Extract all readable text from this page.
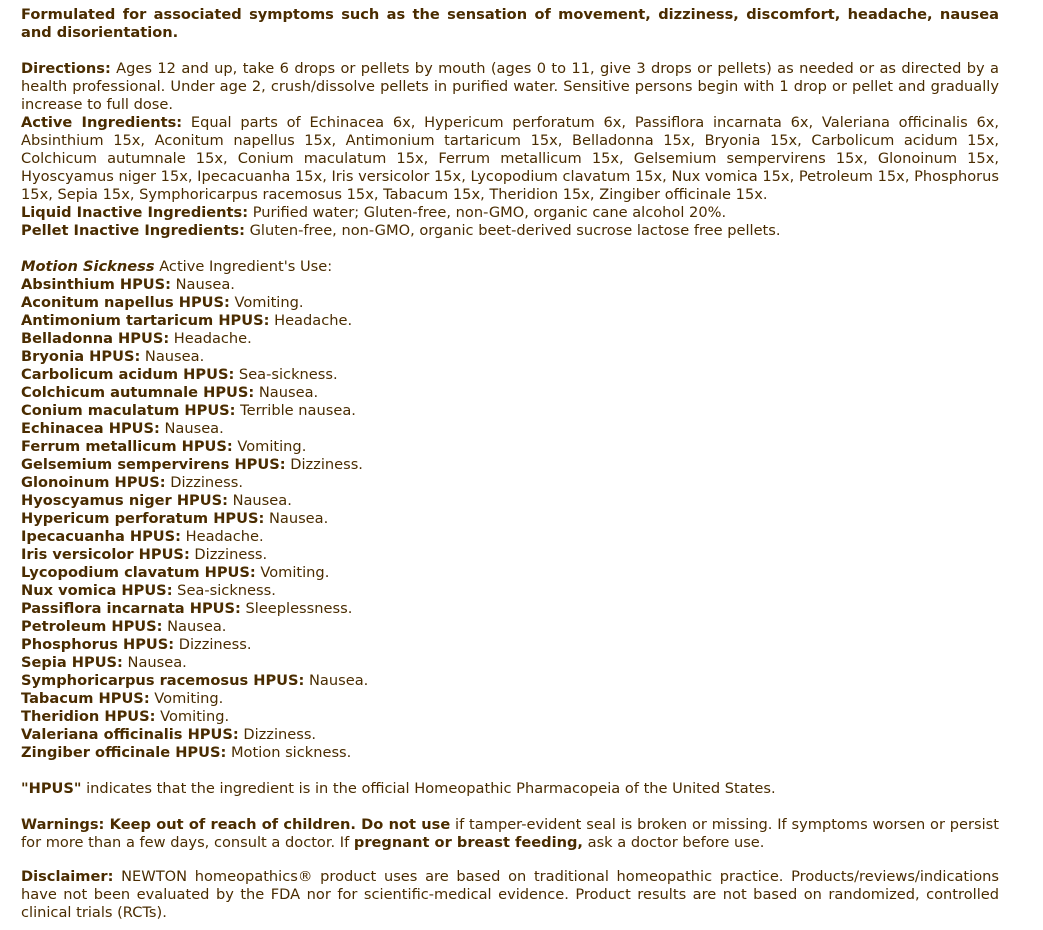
Formulated for associated symptoms such as the sensation of movement, dizziness, discomfort, headache, nausea and disorientation.

Directions: Ages 12 and up, take 6 drops or pellets by mouth (ages 0 to 11, give 3 drops or pellets) as needed or as directed by a health professional. Under age 2, crush/dissolve pellets in purified water. Sensitive persons begin with 1 drop or pellet and gradually increase to full dose.

Active Ingredients: Equal parts of Echinacea 6x, Hypericum perforatum 6x, Passiflora incarnata 6x, Valeriana officinalis 6x, Absinthium 15x, Aconitum napellus 15x, Antimonium tartaricum 15x, Belladonna 15x, Bryonia 15x, Carbolicum acidum 15x, Colchicum autumnale 15x, Conium maculatum 15x, Ferrum metallicum 15x, Gelsemium sempervirens 15x, Glonoinum 15x, Hyoscyamus niger 15x, Ipecacuanha 15x, Iris versicolor 15x, Lycopodium clavatum 15x, Nux vomica 15x, Petroleum 15x, Phosphorus 15x, Sepia 15x, Symphoricarpus racemosus 15x, Tabacum 15x, Theridion 15x, Zingiber officinale 15x.

Liquid Inactive Ingredients: Purified water; Gluten-free, non-GMO, organic cane alcohol 20%.

Pellet Inactive Ingredients: Gluten-free, non-GMO, organic beet-derived sucrose lactose free pellets.

Motion Sickness Active Ingredient's Use:

Absinthium HPUS: Nausea.

Aconitum napellus HPUS: Vomiting.

Antimonium tartaricum HPUS: Headache.

Belladonna HPUS: Headache.

Bryonia HPUS: Nausea.

Carbolicum acidum HPUS: Sea-sickness.

Colchicum autumnale HPUS: Nausea.

Conium maculatum HPUS: Terrible nausea.

Echinacea HPUS: Nausea.

Ferrum metallicum HPUS: Vomiting.

Gelsemium sempervirens HPUS: Dizziness.

Glonoinum HPUS: Dizziness.

Hyoscyamus niger HPUS: Nausea.

Hypericum perforatum HPUS: Nausea.

Ipecacuanha HPUS: Headache.

Iris versicolor HPUS: Dizziness.

Lycopodium clavatum HPUS: Vomiting.

Nux vomica HPUS: Sea-sickness.

Passiflora incarnata HPUS: Sleeplessness.

Petroleum HPUS: Nausea.

Phosphorus HPUS: Dizziness.

Sepia HPUS: Nausea.

Symphoricarpus racemosus HPUS: Nausea.

Tabacum HPUS: Vomiting.

Theridion HPUS: Vomiting.

Valeriana officinalis HPUS: Dizziness.

Zingiber officinale HPUS: Motion sickness.

"HPUS" indicates that the ingredient is in the official Homeopathic Pharmacopeia of the United States.

Warnings: Keep out of reach of children. Do not use if tamper-evident seal is broken or missing. If symptoms worsen or persist for more than a few days, consult a doctor. If pregnant or breast feeding, ask a doctor before use.

Disclaimer: NEWTON homeopathics® product uses are based on traditional homeopathic practice. Products/reviews/indications have not been evaluated by the FDA nor for scientific-medical evidence. Product results are not based on randomized, controlled clinical trials (RCTs).
